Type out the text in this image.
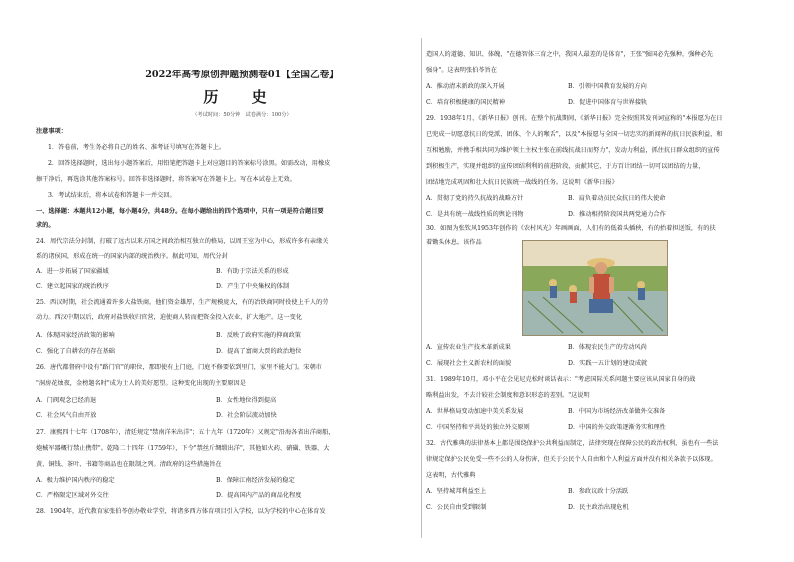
2022年高考原创押题预测卷01【全国乙卷】
历 史
（考试时间：50分钟　试卷满分：100分）
注意事项：
1．答卷前，考生务必将自己的姓名、准考证号填写在答题卡上。
2．回答选择题时，选出每小题答案后，用铅笔把答题卡上对应题目的答案标号涂黑。如需改动，用橡皮
擦干净后，再选涂其他答案标号。回答非选择题时，将答案写在答题卡上。写在本试卷上无效。
3．考试结束后，将本试卷和答题卡一并交回。
一、选择题：本题共12小题，每小题4分，共48分。在每小题给出的四个选项中，只有一项是符合题目要
求的。
24．周代宗法分封制，打破了远古以来方国之间政治相互独立的格局，以周王室为中心，形成许多有亲缘关
系的诸侯国，形成在统一的国家内部的统治秩序。据此可知，周代分封
A．进一步拓展了国家疆域	B．有助于宗法关系的形成
C．建立起国家的统治秩序	D．产生了中央集权的体制
25．西汉时期，社会流通着许多大盐铁商，他们资金雄厚，生产规模庞大，有的冶铁商同时役使上千人的劳
动力。西汉中期以后，政府对盐铁收归官营，迫使商人转而把资金投入农业，扩大地产。这一变化
A．体现国家经济政策的影响	B．反映了政府实施的抑商政策
C．强化了自耕农的存在基础	D．提高了富商大贾的政治地位
26．唐代都督府中设有"路门官"的职位，那即使有上门庭，门庭不修要依到里门，家里不能大门。宋朝市
"洞房花烛夜，金榜题名时"成为士人的美好愿望。这种变化出现的主要原因是
A．门阀观念已经消退	B．女性地位得到提高
C．社会风气自由开放	D．社会阶层流动加快
27．康熙四十七年（1708年），清廷规定"禁南洋米出洋"；五十九年（1720年）又规定"沿海各省出洋商船，
炮械军器概行禁止携带"。乾隆二十四年（1759年），下令"禁丝斤绸缎出洋"，其他如火药、硝磺、铁器、大
黄、铜钱、茶叶、书籍等商品也在限制之列。清政府的这些措施旨在
A．极力维护国内秩序的稳定	B．保障江南经济发展的稳定
C．严格限定区域对外交往	D．提高国内产品的商品化程度
28．1904年，近代教育家张伯苓创办敬业学堂，将诸多西方体育项目引入学校，以为学校的中心在体育发
造国人的道德、知识、体魄，"在德智体三育之中，我国人最差的是体育"，王张"强国必先强种，强种必先
强身"。这表明张伯苓旨在
A．推动清末新政的深入开展	B．引领中国教育发展的方向
C．培育积极健康的国民精神	D．促进中国体育与世界接轨
29．1938年1月，《新华日报》创刊。在整个抗战期间，《新华日报》完全按照其发刊词宣称的"本报愿为在日
已兜成一切愿意抗日的党派、团体、个人的喉舌"，以及"本报愿与全国一切忠实的新闻界的抗日民族利益，和
互相勉励，并携手相共同为维护领土主权主张在前线抗战日而努力"，发动力利益，抓住抗日群众组织的宣传
到积极生产，实现并组织的宣传团结利利的前进阶段，贡献其它，于方百计团结一切可以团结的力量，
团结地完成巩固和壮大抗日民族统一战线的任务。这说明《新华日报》
A．贯彻了党的持久抗战的战略方针	B．肩负着动员民众抗日的伟大使命
C．是共有统一战线性质的舆论刊物	D．推动相持阶段国共两党通力合作
30．如图为张钦风1953年创作的《农村风光》年画画面，人们有的低着头插秧，有的抬着担送饭，有的扶
着锄头休息。该作品
A．宣传农业生产技术革新成果	B．体现农民生产的劳动风尚
C．展现社会主义新农村的面貌	D．实践一五计划的建设成就
31．1989年10月，邓小平在会见尼克松时谈话表示："考虑国际关系问题主要应该从国家自身的战
略利益出发，不去计较社会制度和意识形态的差别。"这说明
A．世界格局变动加速中美关系发展	B．中国为市场经济改革做外交准备
C．中国坚持和平共处的独立外交原则	D．中国的外交政策逐渐务实和理性
32．古代雅典的法律基本上都是围绕保护公共利益而制定，法律突现在保障公民的政治权利，虽也有一些法
律规定保护公民免受一些不公的人身伤害，但关于公民个人自由和个人利益方面并没有相关条款予以体现。
这表明，古代雅典
A．坚持城邦利益至上	B．参政议政十分活跃
C．公民自由受到限制	D．民主政治出现危机
